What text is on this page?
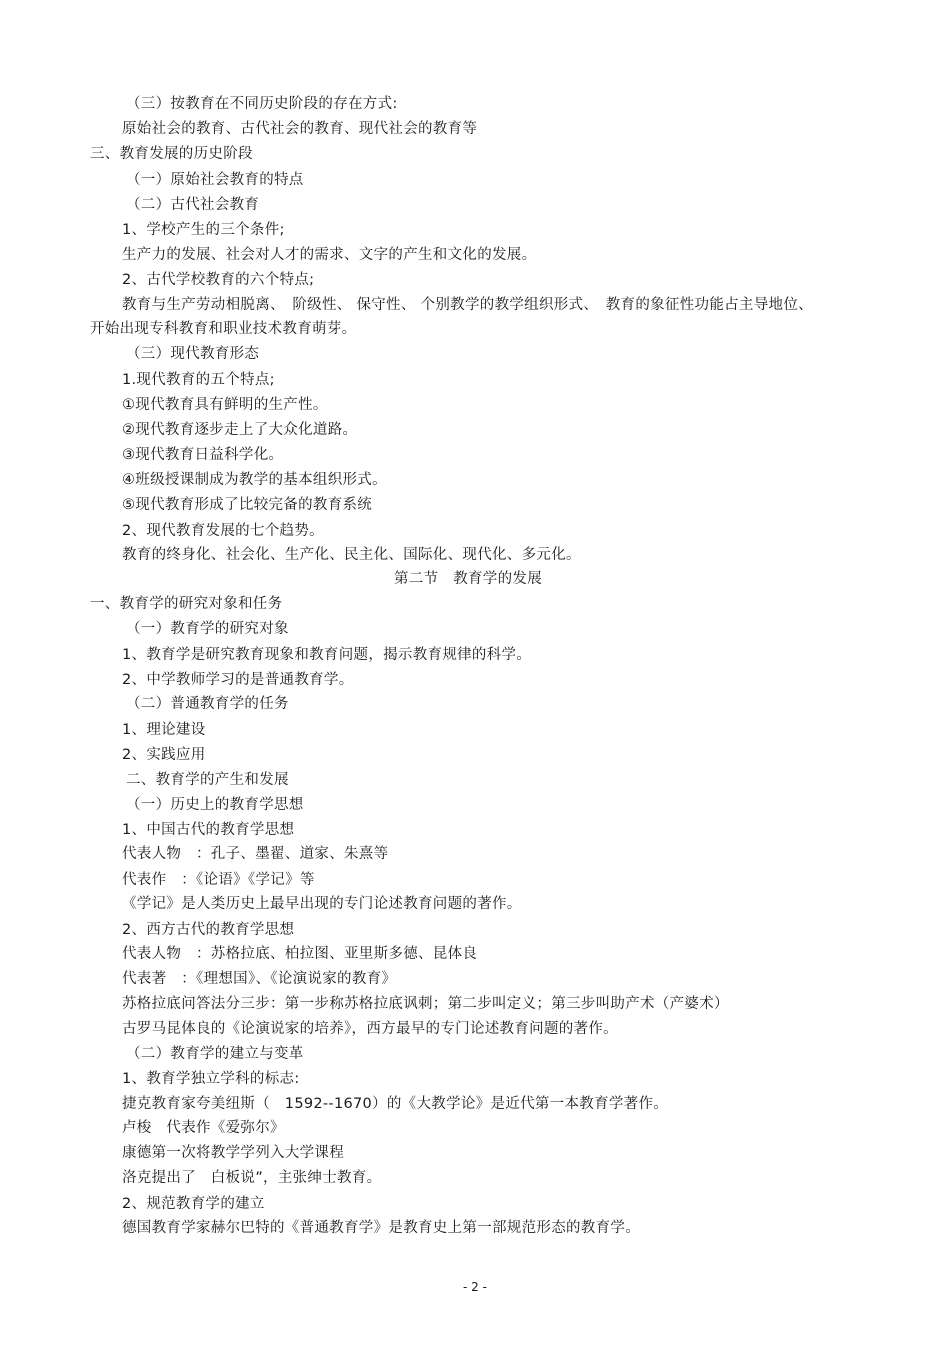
（三）按教育在不同历史阶段的存在方式:
原始社会的教育、古代社会的教育、现代社会的教育等
三、教育发展的历史阶段
（一）原始社会教育的特点
（二）古代社会教育
1、学校产生的三个条件;
生产力的发展、社会对人才的需求、文字的产生和文化的发展。
2、古代学校教育的六个特点;
教育与生产劳动相脱离、　阶级性、 保守性、 个别教学的教学组织形式、　教育的象征性功能占主导地位、
开始出现专科教育和职业技术教育萌芽。
（三）现代教育形态
1.现代教育的五个特点;
①现代教育具有鲜明的生产性。
②现代教育逐步走上了大众化道路。
③现代教育日益科学化。
④班级授课制成为教学的基本组织形式。
⑤现代教育形成了比较完备的教育系统
2、现代教育发展的七个趋势。
教育的终身化、社会化、生产化、民主化、国际化、现代化、多元化。
第二节　教育学的发展
一、教育学的研究对象和任务
（一）教育学的研究对象
1、教育学是研究教育现象和教育问题，揭示教育规律的科学。
2、中学教师学习的是普通教育学。
（二）普通教育学的任务
1、理论建设
2、实践应用
二、教育学的产生和发展
（一）历史上的教育学思想
1、中国古代的教育学思想
代表人物　：孔子、墨翟、道家、朱熹等
代表作　：《论语》《学记》等
《学记》是人类历史上最早出现的专门论述教育问题的著作。
2、西方古代的教育学思想
代表人物　：苏格拉底、柏拉图、亚里斯多德、昆体良
代表著　：《理想国》、《论演说家的教育》
苏格拉底问答法分三步：第一步称苏格拉底讽刺；第二步叫定义；第三步叫助产术（产婆术）
古罗马昆体良的《论演说家的培养》，西方最早的专门论述教育问题的著作。
（二）教育学的建立与变革
1、教育学独立学科的标志:
捷克教育家夸美纽斯（　1592--1670）的《大教学论》是近代第一本教育学著作。
卢梭　代表作《爱弥尔》
康德第一次将教学学列入大学课程
洛克提出了　白板说”，主张绅士教育。
2、规范教育学的建立
德国教育学家赫尔巴特的《普通教育学》是教育史上第一部规范形态的教育学。
- 2 -
